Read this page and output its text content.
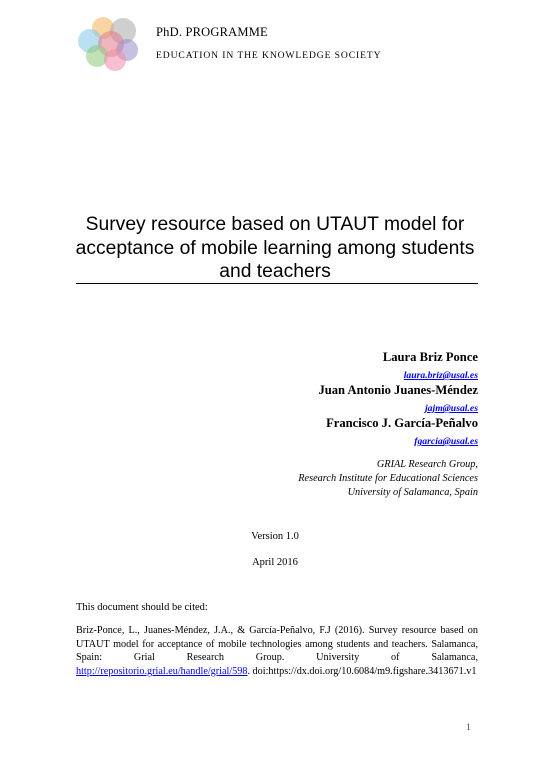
PhD. PROGRAMME
EDUCATION IN THE KNOWLEDGE SOCIETY
Survey resource based on UTAUT model for
acceptance of mobile learning among students
and teachers
Laura Briz Ponce
laura.briz@usal.es
Juan Antonio Juanes-Méndez
jajm@usal.es
Francisco J. García-Peñalvo
fgarcia@usal.es
GRIAL Research Group,
Research Institute for Educational Sciences
University of Salamanca, Spain
Version 1.0
April 2016
This document should be cited:
Briz-Ponce, L., Juanes-Méndez, J.A., & García-Peñalvo, F.J (2016). Survey resource based on UTAUT model for acceptance of mobile technologies among students and teachers. Salamanca, Spain: Grial Research Group. University of Salamanca, http://repositorio.grial.eu/handle/grial/598. doi:https://dx.doi.org/10.6084/m9.figshare.3413671.v1
1
